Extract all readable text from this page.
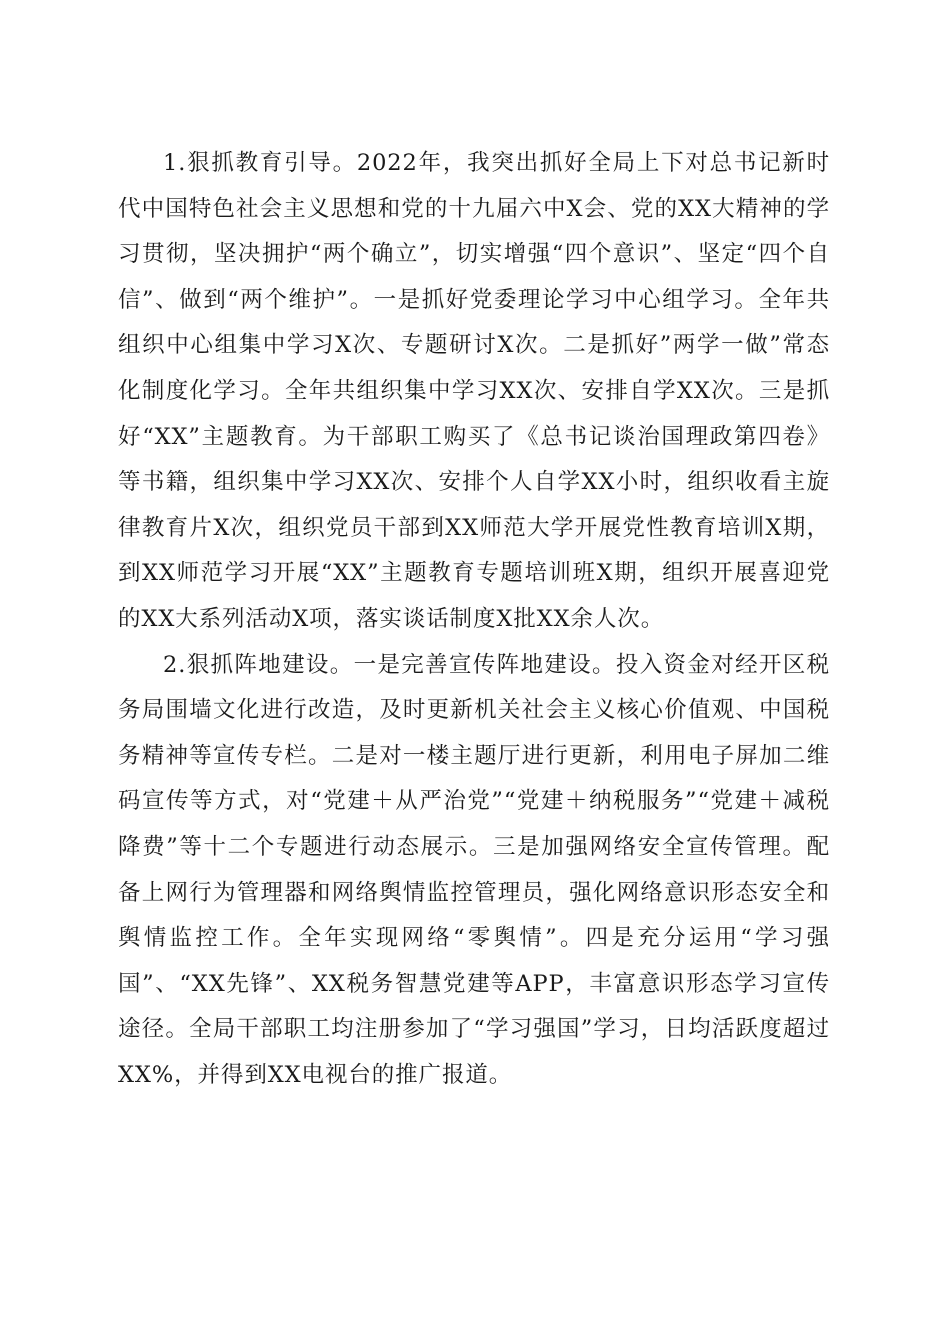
1.狠抓教育引导。2022年，我突出抓好全局上下对总书记新时代中国特色社会主义思想和党的十九届六中X会、党的XX大精神的学习贯彻，坚决拥护“两个确立”，切实增强“四个意识”、坚定“四个自信”、做到“两个维护”。一是抓好党委理论学习中心组学习。全年共组织中心组集中学习X次、专题研讨X次。二是抓好”两学一做”常态化制度化学习。全年共组织集中学习XX次、安排自学XX次。三是抓好“XX”主题教育。为干部职工购买了《总书记谈治国理政第四卷》等书籍，组织集中学习XX次、安排个人自学XX小时，组织收看主旋律教育片X次，组织党员干部到XX师范大学开展党性教育培训X期，到XX师范学习开展“XX”主题教育专题培训班X期，组织开展喜迎党的XX大系列活动X项，落实谈话制度X批XX余人次。

2.狠抓阵地建设。一是完善宣传阵地建设。投入资金对经开区税务局围墙文化进行改造，及时更新机关社会主义核心价值观、中国税务精神等宣传专栏。二是对一楼主题厅进行更新，利用电子屏加二维码宣传等方式，对“党建＋从严治党”“党建＋纳税服务”“党建＋减税降费”等十二个专题进行动态展示。三是加强网络安全宣传管理。配备上网行为管理器和网络舆情监控管理员，强化网络意识形态安全和舆情监控工作。全年实现网络“零舆情”。四是充分运用“学习强国”、“XX先锋”、XX税务智慧党建等APP，丰富意识形态学习宣传途径。全局干部职工均注册参加了“学习强国”学习，日均活跃度超过XX%，并得到XX电视台的推广报道。
